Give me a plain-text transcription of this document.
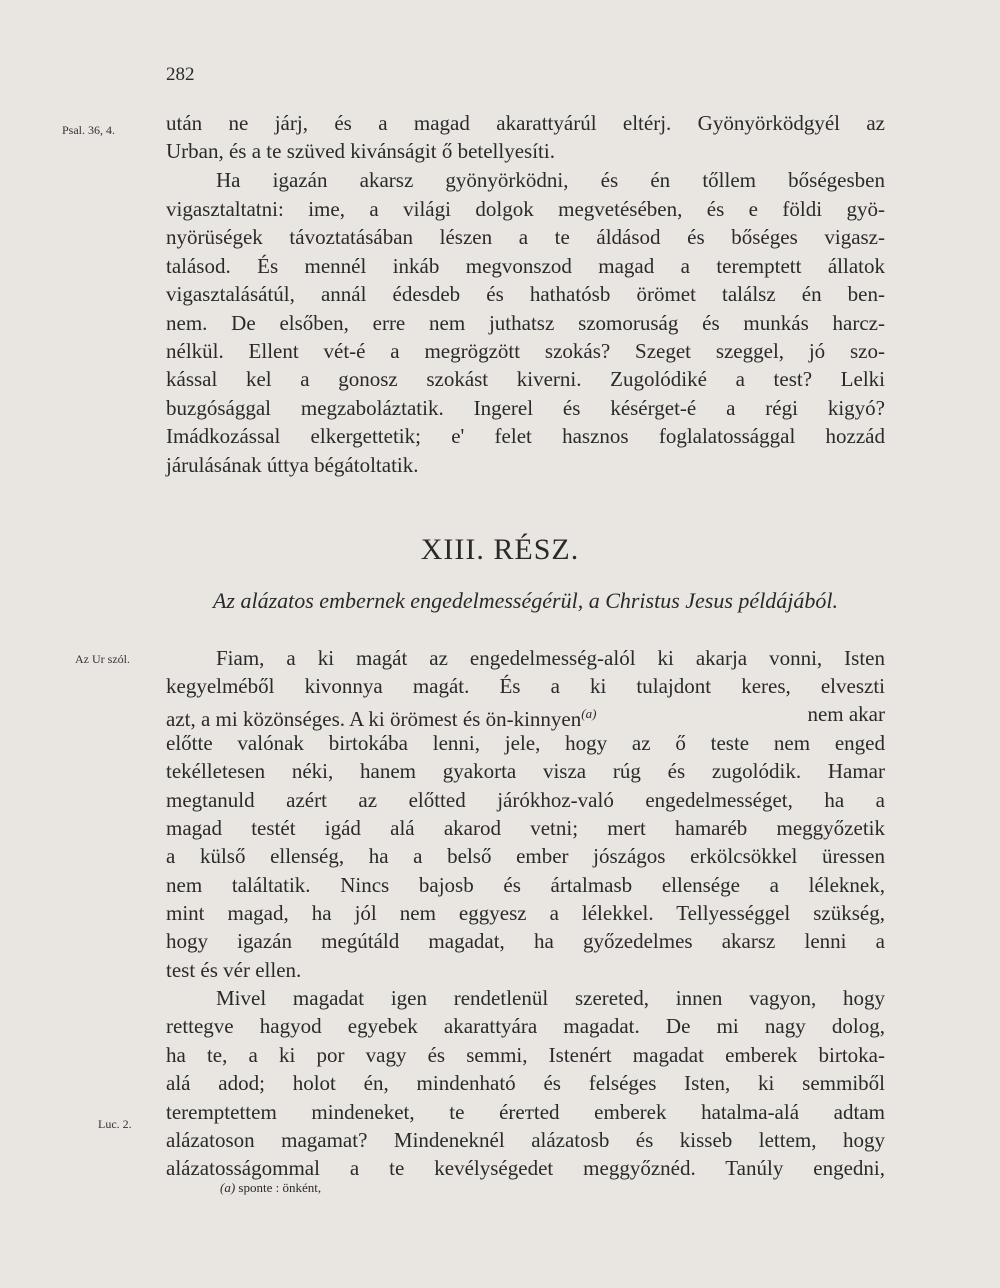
282
Psal. 36, 4.
Az Ur szól.
Luc. 2.
után ne járj, és a magad akarattyárúl eltérj. Gyönyörködgyél az
Urban, és a te szüved kivánságit ő betellyesíti.
Ha igazán akarsz gyönyörködni, és én tőllem bőségesben
vigasztaltatni: ime, a világi dolgok megvetésében, és e földi gyö-
nyörüségek távoztatásában lészen a te áldásod és bőséges vigasz-
talásod. És mennél inkáb megvonszod magad a teremptett állatok
vigasztalásátúl, annál édesdeb és hathatósb örömet találsz én ben-
nem. De elsőben, erre nem juthatsz szomoruság és munkás harcz-
nélkül. Ellent vét-é a megrögzött szokás? Szeget szeggel, jó szo-
kással kel a gonosz szokást kiverni. Zugolódiké a test? Lelki
buzgósággal megzaboláztatik. Ingerel és késérget-é a régi kigyó?
Imádkozással elkergettetik; e' felet hasznos foglalatossággal hozzád
járulásának úttya bégátoltatik.
XIII. RÉSZ.
Az alázatos embernek engedelmességérül, a Christus Jesus példájából.
Fiam, a ki magát az engedelmesség-alól ki akarja vonni, Isten
kegyelméből kivonnya magát. És a ki tulajdont keres, elveszti
azt, a mi közönséges. A ki örömest és ön-kinnyen$^{(a)}$	nem akar
előtte valónak birtokába lenni, jele, hogy az ő teste nem enged
tekélletesen néki, hanem gyakorta visza rúg és zugolódik. Hamar
megtanuld azért az előtted járókhoz-való engedelmességet, ha a
magad testét igád alá akarod vetni; mert hamaréb meggyőzetik
a külső ellenség, ha a belső ember jószágos erkölcsökkel üressen
nem találtatik. Nincs bajosb és ártalmasb ellensége a léleknek,
mint magad, ha jól nem eggyesz a lélekkel. Tellyességgel szükség,
hogy igazán megútáld magadat, ha győzedelmes akarsz lenni a
test és vér ellen.
Mivel magadat igen rendetlenül szereted, innen vagyon, hogy
rettegve hagyod egyebek akarattyára magadat. De mi nagy dolog,
ha te, a ki por vagy és semmi, Istenért magadat emberek birtoka-
alá adod; holot én, mindenható és felséges Isten, ki semmiből
teremptettem mindeneket, te érетted emberek hatalma-alá adtam
alázatoson magamat? Mindeneknél alázatosb és kisseb lettem, hogy
alázatosságommal a te kevélységedet meggyőznéd. Tanúly engedni,
(a) sponte : önként,
